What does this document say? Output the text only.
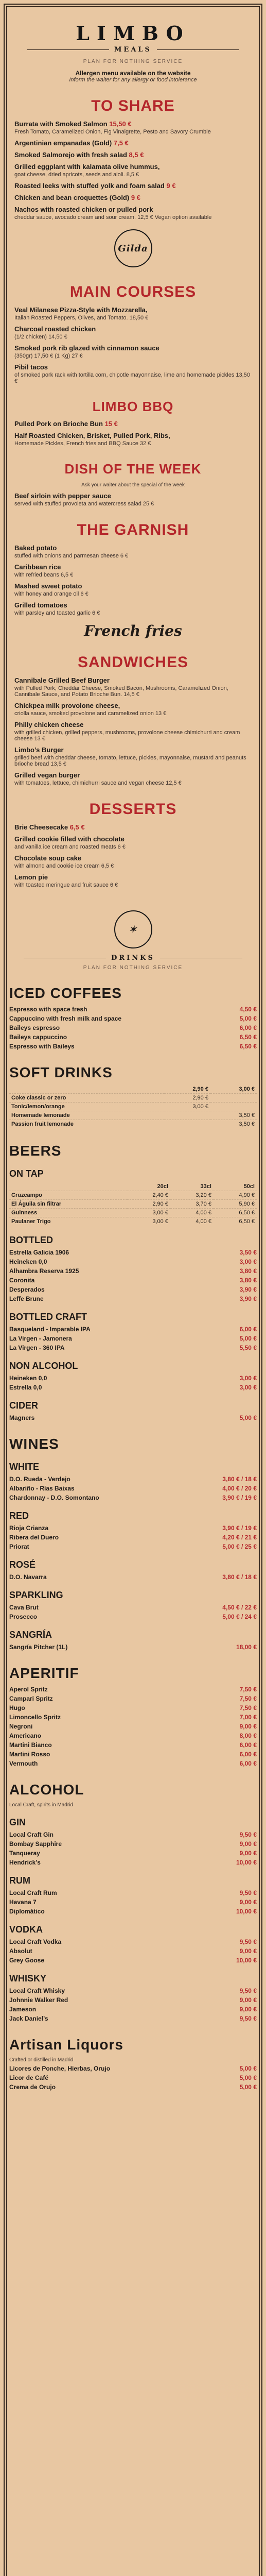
LIMBO
MEALS
PLAN FOR NOTHING SERVICE
Allergen menu available on the website
Inform the waiter for any allergy or food intolerance
TO SHARE
Burrata with Smoked Salmon 15,50 €
Fresh Tomato, Caramelized Onion, Fig Vinaigrette, Pesto and Savory Crumble
Argentinian empanadas (Gold) 7,5 €
Smoked Salmorejo with fresh salad 8,5 €
Grilled eggplant with kalamata olive hummus,
goat cheese, dried apricots, seeds and aioli. 8,5 €
Roasted leeks with stuffed yolk and foam salad 9 €
Chicken and bean croquettes (Gold) 9 €
Nachos with roasted chicken or pulled pork
cheddar sauce, avocado cream and sour cream. 12,5 € Vegan option available
Gilda
MAIN COURSES
Veal Milanese Pizza-Style with Mozzarella,
Italian Roasted Peppers, Olives, and Tomato. 18,50 €
Charcoal roasted chicken
(1/2 chicken) 14,50 €
Smoked pork rib glazed with cinnamon sauce
(350gr) 17,50 € (1 Kg) 27 €
Pibil tacos
of smoked pork rack with tortilla corn, chipotle mayonnaise, lime and homemade pickles 13,50 €
LIMBO BBQ
Pulled Pork on Brioche Bun 15 €
Half Roasted Chicken, Brisket, Pulled Pork, Ribs,
Homemade Pickles, French fries and BBQ Sauce 32 €
DISH OF THE WEEK
Ask your waiter about the special of the week
Beef sirloin with pepper sauce
served with stuffed provoleta and watercress salad 25 €
THE GARNISH
Baked potato
stuffed with onions and parmesan cheese 6 €
Caribbean rice
with refried beans 6,5 €
Mashed sweet potato
with honey and orange oil 6 €
Grilled tomatoes
with parsley and toasted garlic 6 €
French fries
SANDWICHES
Cannibale Grilled Beef Burger
with Pulled Pork, Cheddar Cheese, Smoked Bacon, Mushrooms, Caramelized Onion, Cannibale Sauce, and Potato Brioche Bun. 14,5 €
Chickpea milk provolone cheese,
criolla sauce, smoked provolone and caramelized onion 13 €
Philly chicken cheese
with grilled chicken, grilled peppers, mushrooms, provolone cheese chimichurri and cream cheese 13 €
Limbo’s Burger
grilled beef with cheddar cheese, tomato, lettuce, pickles, mayonnaise, mustard and peanuts brioche bread 13,5 €
Grilled vegan burger
with tomatoes, lettuce, chimichurri sauce and vegan cheese 12,5 €
DESSERTS
Brie Cheesecake 6,5 €
Grilled cookie filled with chocolate
and vanilla ice cream and roasted meats 6 €
Chocolate soup cake
with almond and cookie ice cream 6,5 €
Lemon pie
with toasted meringue and fruit sauce 6 €
✶
DRINKS
PLAN FOR NOTHING SERVICE
ICED COFFEES
Espresso with space fresh	4,50 €
Cappuccino with fresh milk and space	5,00 €
Baileys espresso	6,00 €
Baileys cappuccino	6,50 €
Espresso with Baileys	6,50 €
SOFT DRINKS
	2,90 €	3,00 €
Coke classic or zero	2,90 €	
Tonic/lemon/orange	3,00 €	
Homemade lemonade		3,50 €
Passion fruit lemonade		3,50 €
BEERS
ON TAP
	20cl	33cl	50cl
Cruzcampo	2,40 €	3,20 €	4,90 €
El Águila sin filtrar	2,90 €	3,70 €	5,90 €
Guinness	3,00 €	4,00 €	6,50 €
Paulaner Trigo	3,00 €	4,00 €	6,50 €
BOTTLED
Estrella Galicia 1906	3,50 €
Heineken 0,0	3,00 €
Alhambra Reserva 1925	3,80 €
Coronita	3,80 €
Desperados	3,90 €
Leffe Brune	3,90 €
BOTTLED CRAFT
Basqueland - Imparable IPA	6,00 €
La Virgen - Jamonera	5,00 €
La Virgen - 360 IPA	5,50 €
NON ALCOHOL
Heineken 0,0	3,00 €
Estrella 0,0	3,00 €
CIDER
Magners	5,00 €
WINES
WHITE
D.O. Rueda - Verdejo	3,80 € / 18 €
Albariño - Rías Baixas	4,00 € / 20 €
Chardonnay - D.O. Somontano	3,90 € / 19 €
RED
Rioja Crianza	3,90 € / 19 €
Ribera del Duero	4,20 € / 21 €
Priorat	5,00 € / 25 €
ROSÉ
D.O. Navarra	3,80 € / 18 €
SPARKLING
Cava Brut	4,50 € / 22 €
Prosecco	5,00 € / 24 €
SANGRÍA
Sangría Pitcher (1L)	18,00 €
APERITIF
Aperol Spritz	7,50 €
Campari Spritz	7,50 €
Hugo	7,50 €
Limoncello Spritz	7,00 €
Negroni	9,00 €
Americano	8,00 €
Martini Bianco	6,00 €
Martini Rosso	6,00 €
Vermouth	6,00 €
ALCOHOL
Local Craft, spirits in Madrid
GIN
Local Craft Gin	9,50 €
Bombay Sapphire	9,00 €
Tanqueray	9,00 €
Hendrick’s	10,00 €
RUM
Local Craft Rum	9,50 €
Havana 7	9,00 €
Diplomático	10,00 €
VODKA
Local Craft Vodka	9,50 €
Absolut	9,00 €
Grey Goose	10,00 €
WHISKY
Local Craft Whisky	9,50 €
Johnnie Walker Red	9,00 €
Jameson	9,00 €
Jack Daniel’s	9,50 €
Artisan Liquors
Crafted or distilled in Madrid
Licores de Ponche, Hierbas, Orujo	5,00 €
Licor de Café	5,00 €
Crema de Orujo	5,00 €
